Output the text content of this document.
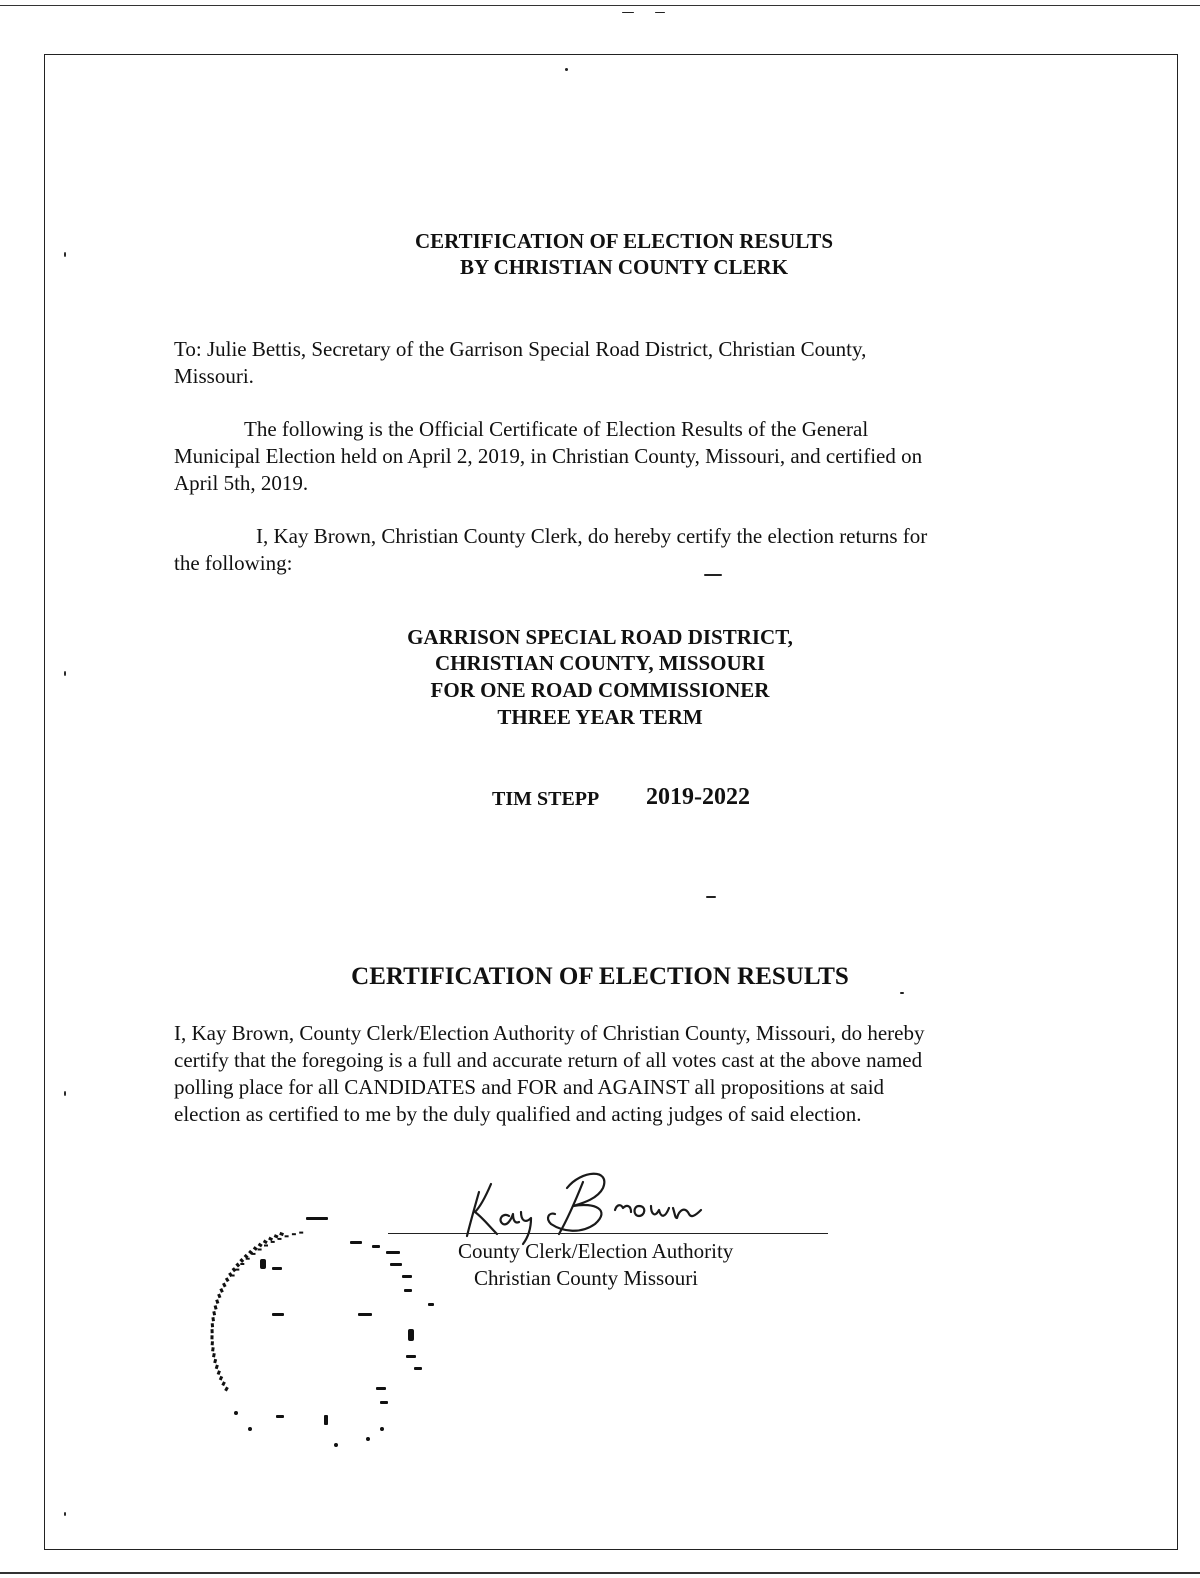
CERTIFICATION OF ELECTION RESULTS

BY CHRISTIAN COUNTY CLERK

To: Julie Bettis, Secretary of the Garrison Special Road District, Christian County,

Missouri.

The following is the Official Certificate of Election Results of the General

Municipal Election held on April 2, 2019, in Christian County, Missouri, and certified on

April 5th, 2019.

I, Kay Brown, Christian County Clerk, do hereby certify the election returns for

the following:

GARRISON SPECIAL ROAD DISTRICT,

CHRISTIAN COUNTY, MISSOURI

FOR ONE ROAD COMMISSIONER

THREE YEAR TERM

TIM STEPP 2019-2022

CERTIFICATION OF ELECTION RESULTS

I, Kay Brown, County Clerk/Election Authority of Christian County, Missouri, do hereby

certify that the foregoing is a full and accurate return of all votes cast at the above named

polling place for all CANDIDATES and FOR and AGAINST all propositions at said

election as certified to me by the duly qualified and acting judges of said election.

County Clerk/Election Authority

Christian County Missouri
